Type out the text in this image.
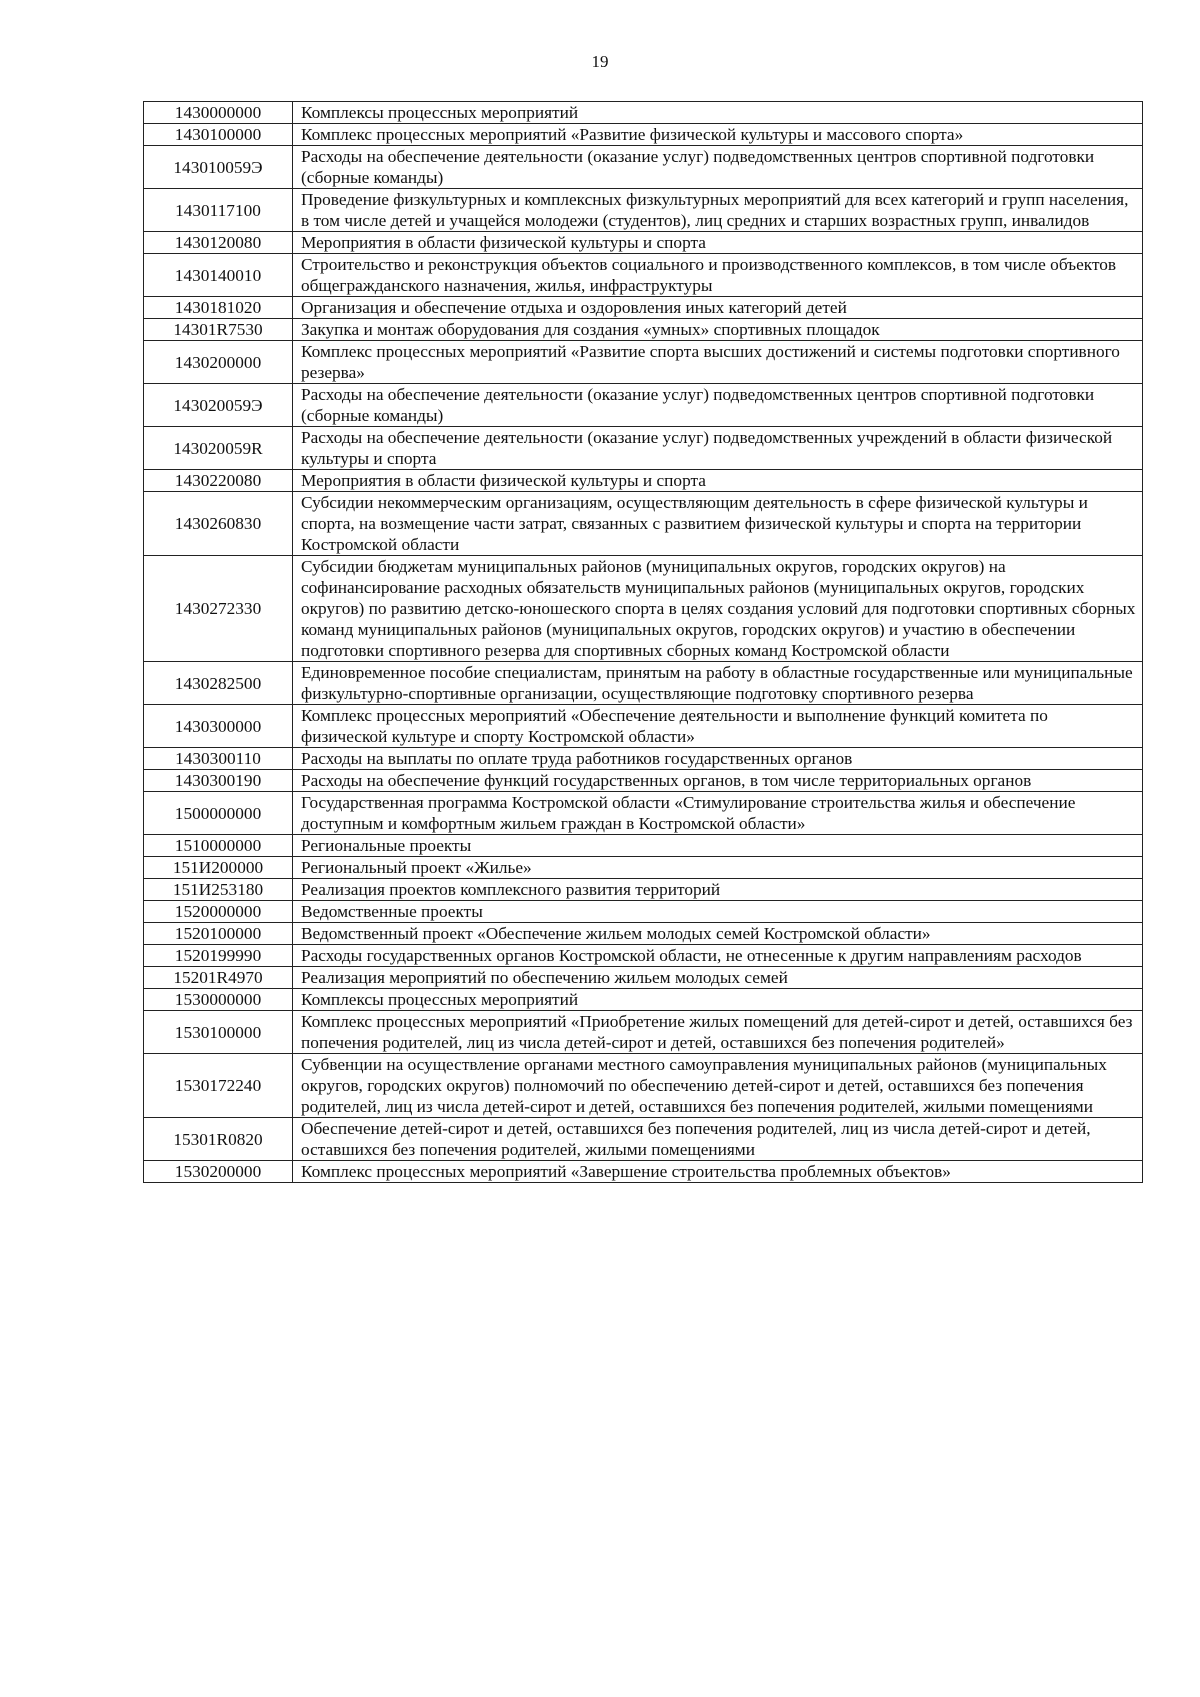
19
1430000000	Комплексы процессных мероприятий
1430100000	Комплекс процессных мероприятий «Развитие физической культуры и массового спорта»
143010059Э	Расходы на обеспечение деятельности (оказание услуг) подведомственных центров спортивной подготовки (сборные команды)
1430117100	Проведение физкультурных и комплексных физкультурных мероприятий для всех категорий и групп населения, в том числе детей и учащейся молодежи (студентов), лиц средних и старших возрастных групп, инвалидов
1430120080	Мероприятия в области физической культуры и спорта
1430140010	Строительство и реконструкция объектов социального и производственного комплексов, в том числе объектов общегражданского назначения, жилья, инфраструктуры
1430181020	Организация и обеспечение отдыха и оздоровления иных категорий детей
14301R7530	Закупка и монтаж оборудования для создания «умных» спортивных площадок
1430200000	Комплекс процессных мероприятий «Развитие спорта высших достижений и системы подготовки спортивного резерва»
143020059Э	Расходы на обеспечение деятельности (оказание услуг) подведомственных центров спортивной подготовки (сборные команды)
143020059R	Расходы на обеспечение деятельности (оказание услуг) подведомственных учреждений в области физической культуры и спорта
1430220080	Мероприятия в области физической культуры и спорта
1430260830	Субсидии некоммерческим организациям, осуществляющим деятельность в сфере физической культуры и спорта, на возмещение части затрат, связанных с развитием физической культуры и спорта на территории Костромской области
1430272330	Субсидии бюджетам муниципальных районов (муниципальных округов, городских округов) на софинансирование расходных обязательств муниципальных районов (муниципальных округов, городских округов) по развитию детско-юношеского спорта в целях создания условий для подготовки спортивных сборных команд муниципальных районов (муниципальных округов, городских округов) и участию в обеспечении подготовки спортивного резерва для спортивных сборных команд Костромской области
1430282500	Единовременное пособие специалистам, принятым на работу в областные государственные или муниципальные физкультурно-спортивные организации, осуществляющие подготовку спортивного резерва
1430300000	Комплекс процессных мероприятий «Обеспечение деятельности и выполнение функций комитета по физической культуре и спорту Костромской области»
1430300110	Расходы на выплаты по оплате труда работников государственных органов
1430300190	Расходы на обеспечение функций государственных органов, в том числе территориальных органов
1500000000	Государственная программа Костромской области «Стимулирование строительства жилья и обеспечение доступным и комфортным жильем граждан в Костромской области»
1510000000	Региональные проекты
151И200000	Региональный проект «Жилье»
151И253180	Реализация проектов комплексного развития территорий
1520000000	Ведомственные проекты
1520100000	Ведомственный проект «Обеспечение жильем молодых семей Костромской области»
1520199990	Расходы государственных органов Костромской области, не отнесенные к другим направлениям расходов
15201R4970	Реализация мероприятий по обеспечению жильем молодых семей
1530000000	Комплексы процессных мероприятий
1530100000	Комплекс процессных мероприятий «Приобретение жилых помещений для детей-сирот и детей, оставшихся без попечения родителей, лиц из числа детей-сирот и детей, оставшихся без попечения родителей»
1530172240	Субвенции на осуществление органами местного самоуправления муниципальных районов (муниципальных округов, городских округов) полномочий по обеспечению детей-сирот и детей, оставшихся без попечения родителей, лиц из числа детей-сирот и детей, оставшихся без попечения родителей, жилыми помещениями
15301R0820	Обеспечение детей-сирот и детей, оставшихся без попечения родителей, лиц из числа детей-сирот и детей, оставшихся без попечения родителей, жилыми помещениями
1530200000	Комплекс процессных мероприятий «Завершение строительства проблемных объектов»
